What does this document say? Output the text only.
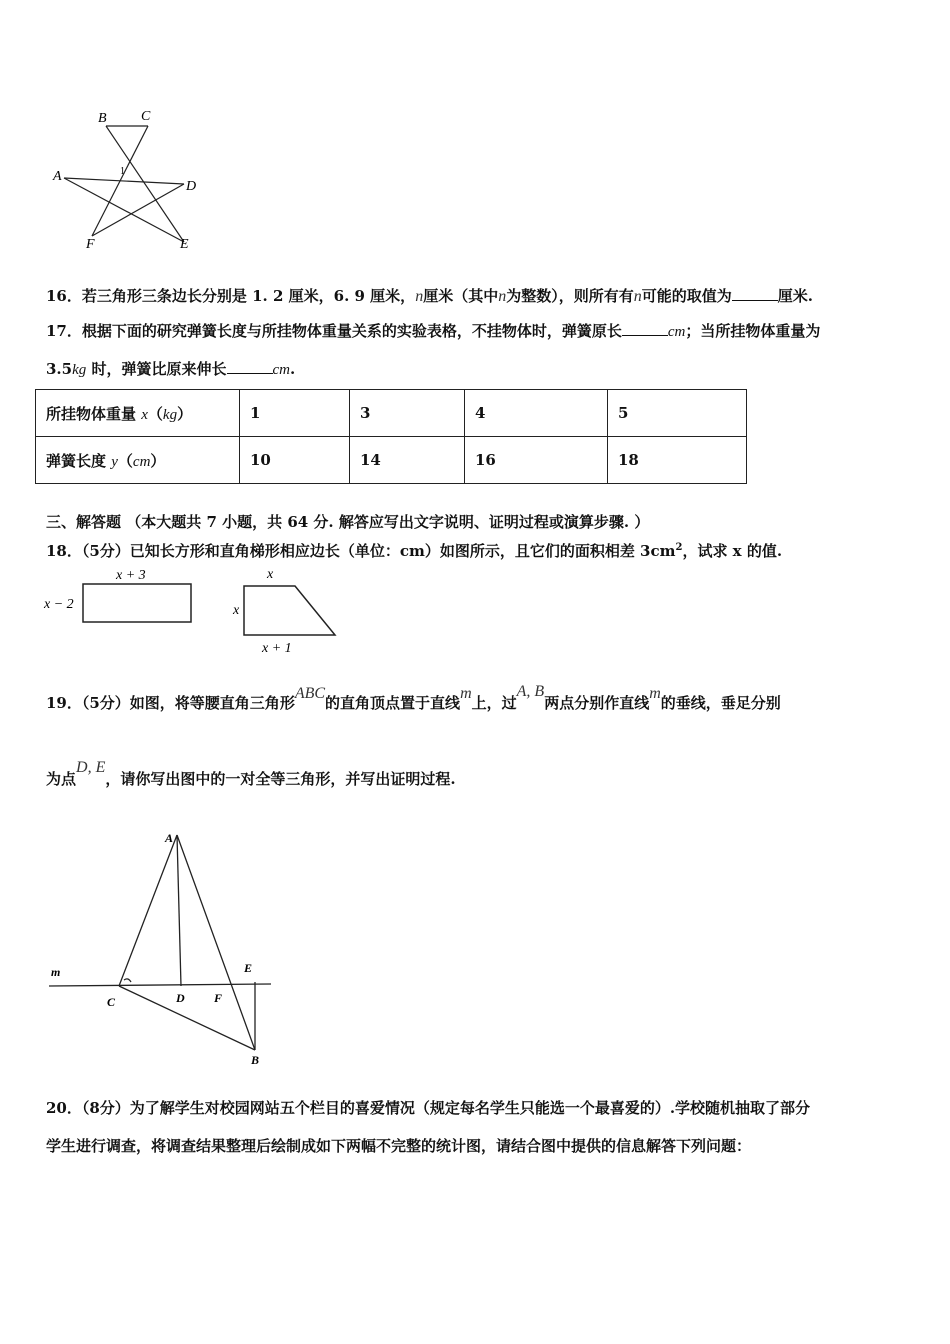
B C
A
D
F	E
1
16．若三角形三条边长分别是 1. 2 厘米，6. 9 厘米，n厘米（其中n为整数），则所有有n可能的取值为	厘米.
17．根据下面的研究弹簧长度与所挂物体重量关系的实验表格，不挂物体时，弹簧原长	cm；当所挂物体重量为
3.5kg 时，弹簧比原来伸长	cm.
所挂物体重量 x（kg）	1	3	4	5
弹簧长度 y（cm）	10	14	16	18
三、解答题 （本大题共 7 小题，共 64 分. 解答应写出文字说明、证明过程或演算步骤. ）
18．（5分）已知长方形和直角梯形相应边长（单位：cm）如图所示，且它们的面积相差 $3cm^2$，试求 x 的值.
x + 3
x − 2
x
x
x + 1
19．（5分）如图，将等腰直角三角形ABC的直角顶点置于直线m上，过A, B两点分别作直线m的垂线，垂足分别
为点D, E，请你写出图中的一对全等三角形，并写出证明过程.
A
m	E
C	D F
B
20．（8分）为了解学生对校园网站五个栏目的喜爱情况（规定每名学生只能选一个最喜爱的）.学校随机抽取了部分
学生进行调查，将调查结果整理后绘制成如下两幅不完整的统计图，请结合图中提供的信息解答下列问题：
